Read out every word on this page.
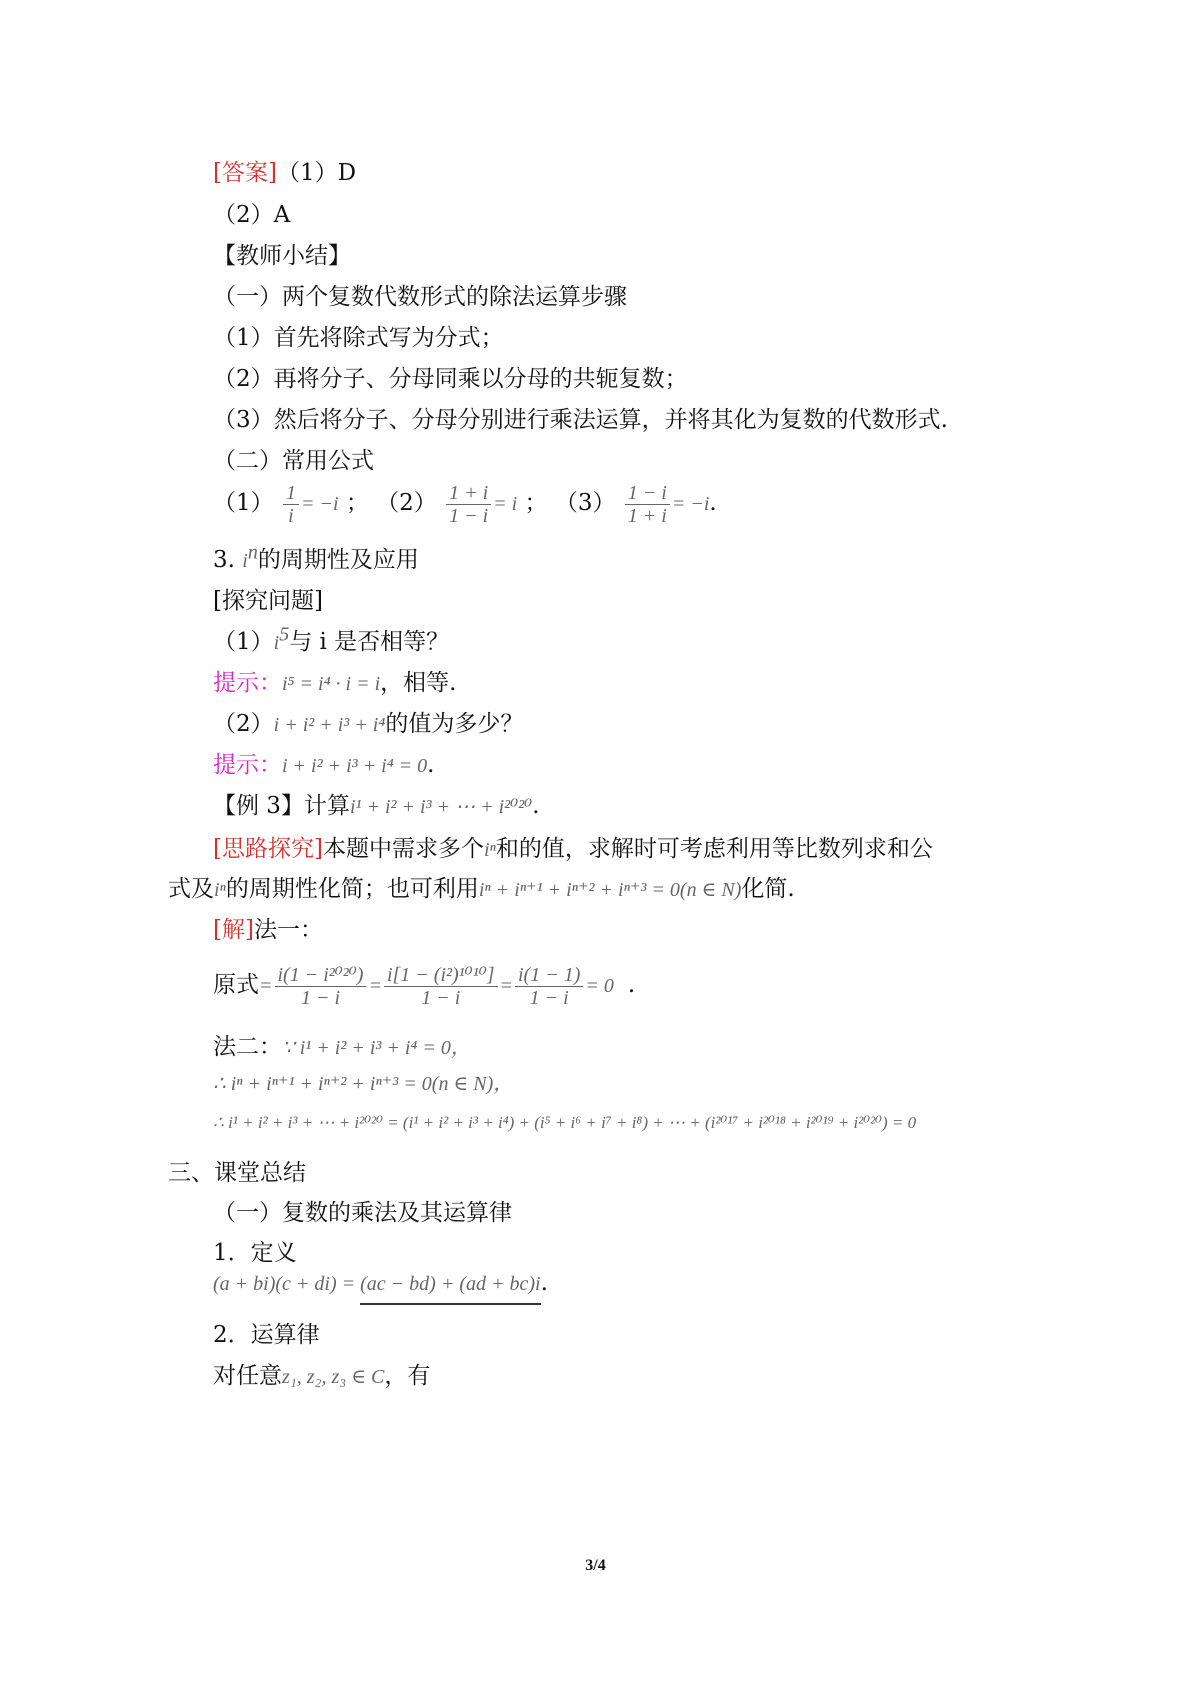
[答案]（1）D
（2）A
【教师小结】
（一）两个复数代数形式的除法运算步骤
（1）首先将除式写为分式；
（2）再将分子、分母同乘以分母的共轭复数；
（3）然后将分子、分母分别进行乘法运算，并将其化为复数的代数形式.
（二）常用公式
$(1) \frac{1}{i} = -i$ ； $(2) \frac{1 + i}{1 - i} = i$ ； $(3) \frac{1 - i}{1 + i} = -i$.
3. $i^n$的周期性及应用
[探究问题]
$(1)i^5$与 i 是否相等？
提示：i⁵ = i⁴ · i = i，相等.
（2）i + i² + i³ + i⁴的值为多少？
提示：i + i² + i³ + i⁴ = 0.
【例 3】计算i¹ + i² + i³ + ⋯ + i²⁰²⁰.
[思路探究]本题中需求多个iⁿ和的值，求解时可考虑利用等比数列求和公
式及iⁿ的周期性化简；也可利用iⁿ + iⁿ⁺¹ + iⁿ⁺² + iⁿ⁺³ = 0(n ∈ N)化简.
[解]法一：
原式= $\frac{\text{i(1 − i²⁰²⁰)}}{1 - i} = \frac{\text{i[1 − (i²)¹⁰¹⁰]}}{1 - i} = \frac{i(1 - 1)}{1 - i} = 0$ .
法二：∵ i¹ + i² + i³ + i⁴ = 0，
∴ iⁿ + iⁿ⁺¹ + iⁿ⁺² + iⁿ⁺³ = 0(n ∈ N)，
∴ i¹ + i² + i³ + ⋯ + i²⁰²⁰ = (i¹ + i² + i³ + i⁴) + (i⁵ + i⁶ + i⁷ + i⁸) + ⋯ + (i²⁰¹⁷ + i²⁰¹⁸ + i²⁰¹⁹ + i²⁰²⁰) = 0
三、课堂总结
（一）复数的乘法及其运算律
1．定义
(a + bi)(c + di) = (ac − bd) + (ad + bc)i.
2．运算律
对任意z₁, z₂, z₃ ∈ C，有
3/4
